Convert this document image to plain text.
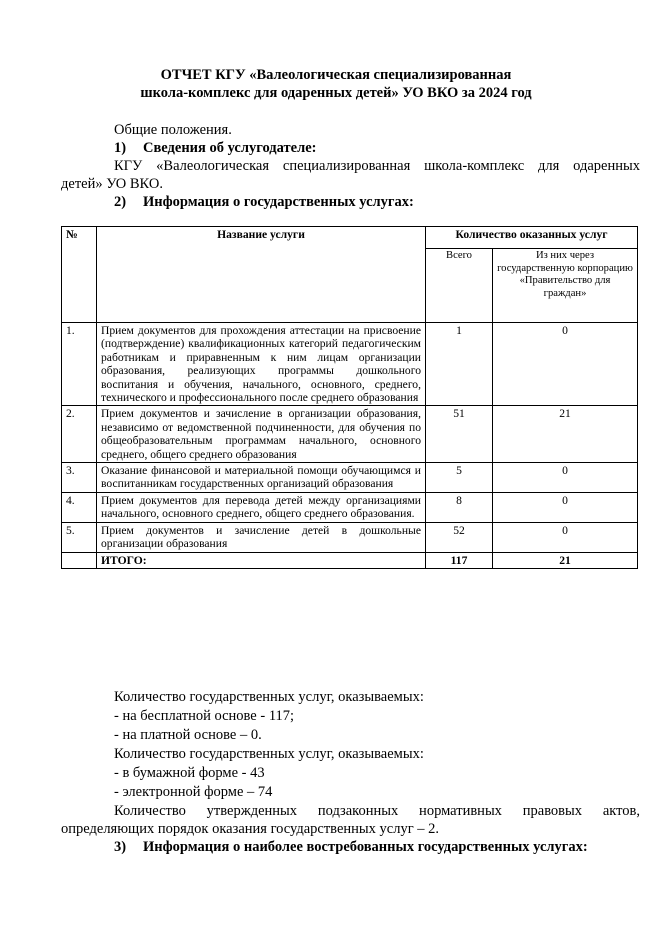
ОТЧЕТ КГУ «Валеологическая специализированная
школа-комплекс для одаренных детей» УО ВКО за 2024 год
Общие положения.
1) Сведения об услугодателе:
КГУ «Валеологическая специализированная школа-комплекс для одаренных
детей» УО ВКО.
2) Информация о государственных услугах:
№	Название услуги	Количество оказанных услуг	
		Всего	Из них через государственную корпорацию «Правительство для граждан»
1.	Прием документов для прохождения аттестации на присвоение (подтверждение) квалификационных категорий педагогическим работникам и приравненным к ним лицам организации образования, реализующих программы дошкольного воспитания и обучения, начального, основного, среднего, технического и профессионального после среднего образования	1	0
2.	Прием документов и зачисление в организации образования, независимо от ведомственной подчиненности, для обучения по общеобразовательным программам начального, основного среднего, общего среднего образования	51	21
3.	Оказание финансовой и материальной помощи обучающимся и воспитанникам государственных организаций образования	5	0
4.	Прием документов для перевода детей между организациями начального, основного среднего, общего среднего образования.	8	0
5.	Прием документов и зачисление детей в дошкольные организации образования	52	0
	ИТОГО:	117	21
Количество государственных услуг, оказываемых:
- на бесплатной основе - 117;
- на платной основе – 0.
Количество государственных услуг, оказываемых:
- в бумажной форме - 43
- электронной форме – 74
Количество утвержденных подзаконных нормативных правовых актов,
определяющих порядок оказания государственных услуг – 2.
3) Информация о наиболее востребованных государственных услугах:
